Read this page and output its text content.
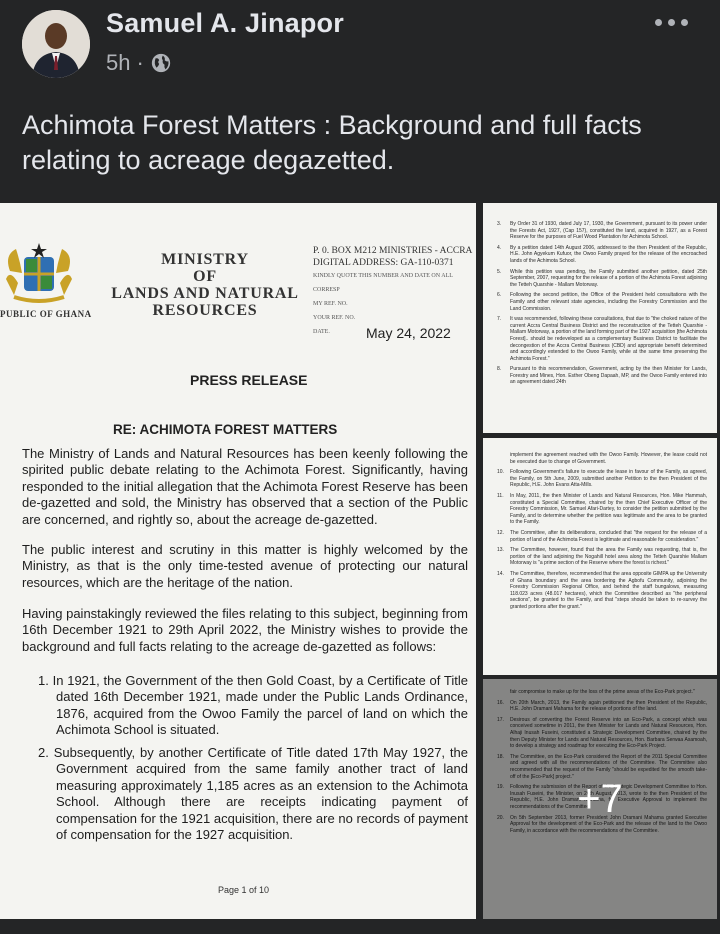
Samuel A. Jinapor
5h ·
Achimota Forest Matters : Background and full facts relating to acreage degazetted.
PUBLIC OF GHANA
MINISTRY
OF
LANDS AND NATURAL
RESOURCES
P. 0. BOX M212 MINISTRIES - ACCRA
DIGITAL ADDRESS: GA-110-0371
KINDLY QUOTE THIS NUMBER AND DATE ON ALL CORRESP
MY REF. NO.
YOUR REF. NO.
DATE.	May 24, 2022
PRESS RELEASE
RE: ACHIMOTA FOREST MATTERS
The Ministry of Lands and Natural Resources has been keenly following the spirited public debate relating to the Achimota Forest. Significantly, having responded to the initial allegation that the Achimota Forest Reserve has been de-gazetted and sold, the Ministry has observed that a section of the Public are concerned, and rightly so, about the acreage de-gazetted.
The public interest and scrutiny in this matter is highly welcomed by the Ministry, as that is the only time-tested avenue of protecting our natural resources, which are the heritage of the nation.
Having painstakingly reviewed the files relating to this subject, beginning from 16th December 1921 to 29th April 2022, the Ministry wishes to provide the background and full facts relating to the acreage de-gazetted as follows:
1. In 1921, the Government of the then Gold Coast, by a Certificate of Title dated 16th December 1921, made under the Public Lands Ordinance, 1876, acquired from the Owoo Family the parcel of land on which the Achimota School is situated.
2. Subsequently, by another Certificate of Title dated 17th May 1927, the Government acquired from the same family another tract of land measuring approximately 1,185 acres as an extension to the Achimota School. Although there are receipts indicating payment of compensation for the 1921 acquisition, there are no records of payment of compensation for the 1927 acquisition.
Page 1 of 10
3.	By Order 31 of 1930, dated July 17, 1930, the Government, pursuant to its power under the Forests Act, 1927, (Cap 157), constituted the land, acquired in 1927, as a Forest Reserve for the purposes of Fuel Wood Plantation for Achimota School.
4.	By a petition dated 14th August 2006, addressed to the then President of the Republic, H.E. John Agyekum Kufuor, the Owoo Family prayed for the release of the encroached lands of the Achimota School.
5.	While this petition was pending, the Family submitted another petition, dated 25th September, 2007, requesting for the release of a portion of the Achimota Forest adjoining the Tetteh Quarshie - Mallam Motorway.
6.	Following the second petition, the Office of the President held consultations with the Family and other relevant state agencies, including the Forestry Commission and the Land Commission.
7.	It was recommended, following these consultations, that due to "the choked nature of the current Accra Central Business District and the reconstruction of the Tetteh Quarshie - Mallam Motorway, a portion of the land forming part of the 1927 acquisition [the Achimota Forest].. should be redeveloped as a complementary Business District to facilitate the decongestion of the Accra Central Business (CBD) and appropriate benefit determined and accordingly extended to the Owoo Family, while at the same time preserving the Achimota Forest."
8.	Pursuant to this recommendation, Government, acting by the then Minister for Lands, Forestry and Mines, Hon. Esther Obeng Dapaah, MP, and the Owoo Family entered into an agreement dated 24th
implement the agreement reached with the Owoo Family. However, the lease could not be executed due to change of Government.
10. Following Government's failure to execute the lease in favour of the Family, as agreed, the Family, on 5th June, 2009, submitted another Petition to the then President of the Republic, H.E. John Evans Atta-Mills.
11. In May, 2011, the then Minister of Lands and Natural Resources, Hon. Mike Hammah, constituted a Special Committee, chaired by the then Chief Executive Officer of the Forestry Commission, Mr. Samuel Afari-Dartey, to consider the petition submitted by the Family, and to determine whether the petition was legitimate and the area to be granted to the Family.
12. The Committee, after its deliberations, concluded that "the request for the release of a portion of land of the Achimota Forest is legitimate and reasonable for consideration."
13. The Committee, however, found that the area the Family was requesting, that is, the portion of the land adjoining the Nogahill hotel area along the Tetteh Quarshie Mallam Motorway is "a prime section of the Reserve where the forest is richest."
14. The Committee, therefore, recommended that the area opposite GIMPA up the University of Ghana boundary and the area bordering the Agbofu Community, adjoining the Forestry Commission Regional Office, and behind the staff bungalows, measuring 118.023 acres (48.017 hectares), which the Committee described as "the peripheral sections", be granted to the Family, and that "steps should be taken to re-survey the granted portions after the grant."
fair compromise to make up for the loss of the prime areas of the Eco-Park project."
16. On 20th March, 2013, the Family again petitioned the then President of the Republic, H.E. John Dramani Mahama for the release of portions of the land.
17. Desirous of converting the Forest Reserve into an Eco-Park, a concept which was conceived sometime in 2011, the then Minister for Lands and Natural Resources, Hon. Alhaji Inusah Fuseini, constituted a Strategic Development Committee, chaired by the then Deputy Minister for Lands and Natural Resources, Hon. Barbara Serwaa Asamoah, to develop a strategy and roadmap for executing the Eco-Park Project.
18. The Committee, on the Eco-Park considered the Report of the 2011 Special Committee and agreed with all the recommendations of the Committee. The Committee also recommended that the request of the Family "should be expedited for the smooth take-off of the [Eco-Park] project."
19. Following the submission of the Report of the Strategic Development Committee to Hon. Inusah Fuseini, the Minister, on 20th August, 2013, wrote to the then President of the Republic, H.E. John Dramani Mahama, for Executive Approval to implement the recommendations of the Committee.
20. On 5th September 2013, former President John Dramani Mahama granted Executive Approval for the development of the Eco-Park and the release of the land to the Owoo Family, in accordance with the recommendations of the Committee.
+7
